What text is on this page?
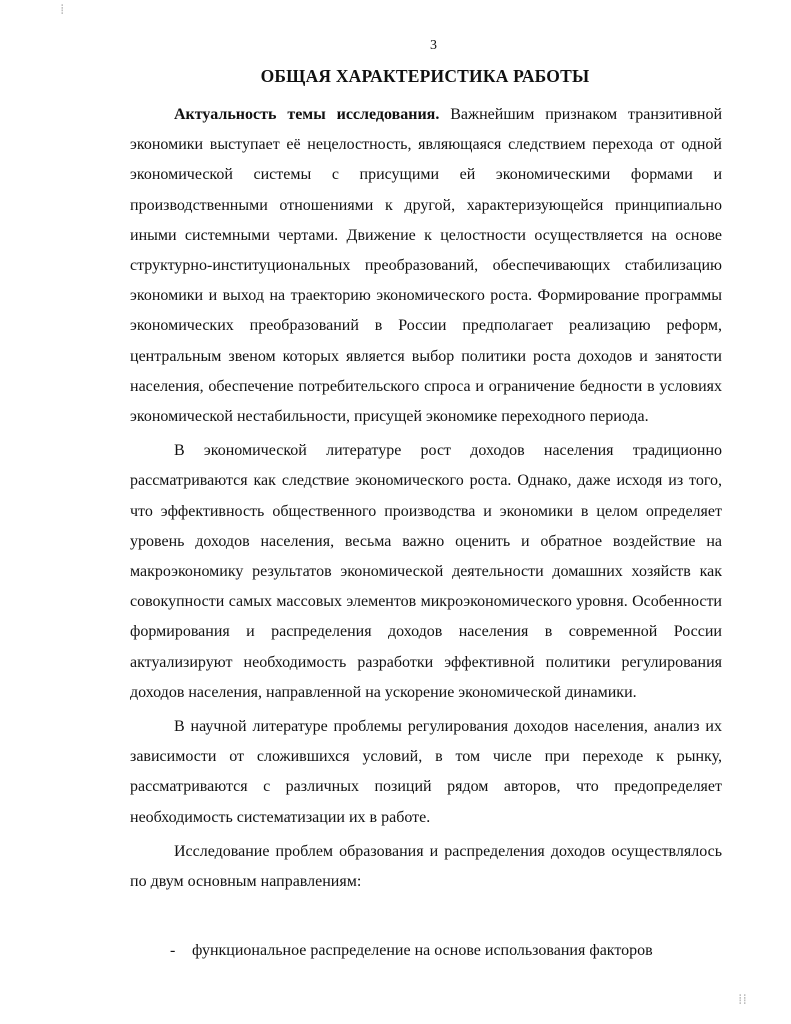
⁞
3
ОБЩАЯ ХАРАКТЕРИСТИКА РАБОТЫ

Актуальность темы исследования. Важнейшим признаком транзитивной экономики выступает её нецелостность, являющаяся следствием перехода от одной экономической системы с присущими ей экономическими формами и производственными отношениями к другой, характеризующейся принципиально иными системными чертами. Движение к целостности осуществляется на основе структурно-институциональных преобразований, обеспечивающих стабилизацию экономики и выход на траекторию экономического роста. Формирование программы экономических преобразований в России предполагает реализацию реформ, центральным звеном которых является выбор политики роста доходов и занятости населения, обеспечение потребительского спроса и ограничение бедности в условиях экономической нестабильности, присущей экономике переходного периода.

В экономической литературе рост доходов населения традиционно рассматриваются как следствие экономического роста. Однако, даже исходя из того, что эффективность общественного производства и экономики в целом определяет уровень доходов населения, весьма важно оценить и обратное воздействие на макроэкономику результатов экономической деятельности домашних хозяйств как совокупности самых массовых элементов микроэкономического уровня. Особенности формирования и распределения доходов населения в современной России актуализируют необходимость разработки эффективной политики регулирования доходов населения, направленной на ускорение экономической динамики.

В научной литературе проблемы регулирования доходов населения, анализ их зависимости от сложившихся условий, в том числе при переходе к рынку, рассматриваются с различных позиций рядом авторов, что предопределяет необходимость систематизации их в работе.

Исследование проблем образования и распределения доходов осуществлялось по двум основным направлениям:

- функциональное распределение на основе использования факторов
⁞⁞
